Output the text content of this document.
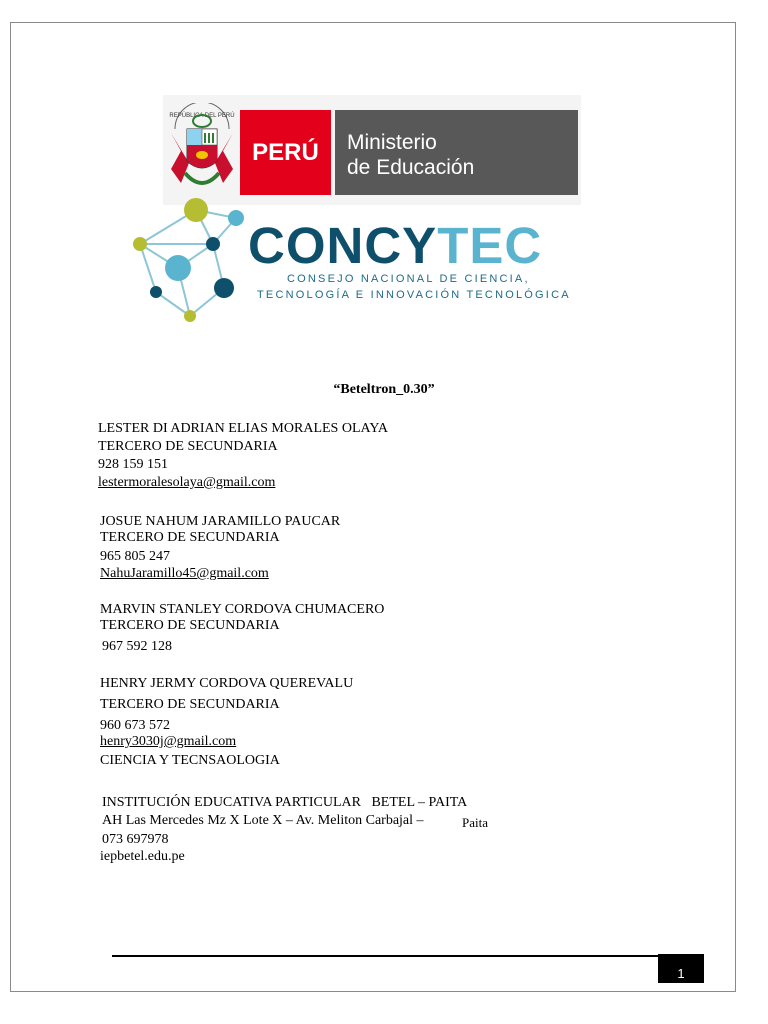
REPÚBLICA DEL PERÚ
PERÚ	Ministerio
de Educación
CONCYTEC
CONSEJO NACIONAL DE CIENCIA,
TECNOLOGÍA E INNOVACIÓN TECNOLÓGICA
“Beteltron_0.30”
LESTER DI ADRIAN ELIAS MORALES OLAYA
TERCERO DE SECUNDARIA
928 159 151
lestermoralesolaya@gmail.com
JOSUE NAHUM JARAMILLO PAUCAR
TERCERO DE SECUNDARIA
965 805 247
NahuJaramillo45@gmail.com
MARVIN STANLEY CORDOVA CHUMACERO
TERCERO DE SECUNDARIA
967 592 128
HENRY JERMY CORDOVA QUEREVALU
TERCERO DE SECUNDARIA
960 673 572
henry3030j@gmail.com
CIENCIA Y TECNSAOLOGIA
INSTITUCIÓN EDUCATIVA PARTICULAR   BETEL – PAITA
AH Las Mercedes Mz X Lote X – Av. Meliton Carbajal –	Paita
073 697978
iepbetel.edu.pe
1
